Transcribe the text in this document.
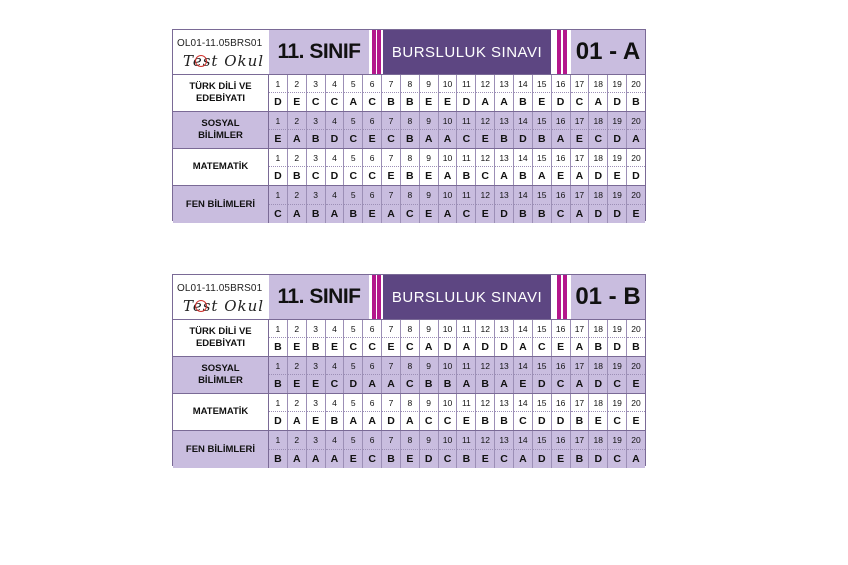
OL01-11.05BRS01
Test Okul 11. SINIF	BURSLULUK SINAVI	01 - A
TÜRK DİLİ VE
EDEBİYATI
1	2	3	4	5	6	7	8	9	10	11	12	13	14	15	16	17	18	19	20
D	E	C	C	A	C	B	B	E	E	D	A	A	B	E	D	C	A	D	B
SOSYAL
BİLİMLER
1	2	3	4	5	6	7	8	9	10	11	12	13	14	15	16	17	18	19	20
E	A	B	D	C	E	C	B	A	A	C	E	B	D	B	A	E	C	D	A
MATEMATİK
1	2	3	4	5	6	7	8	9	10	11	12	13	14	15	16	17	18	19	20
D	B	C	D	C	C	E	B	E	A	B	C	A	B	A	E	A	D	E	D
FEN BİLİMLERİ
1	2	3	4	5	6	7	8	9	10	11	12	13	14	15	16	17	18	19	20
C	A	B	A	B	E	A	C	E	A	C	E	D	B	B	C	A	D	D	E
OL01-11.05BRS01
Test Okul 11. SINIF	BURSLULUK SINAVI	01 - B
TÜRK DİLİ VE
EDEBİYATI
1	2	3	4	5	6	7	8	9	10	11	12	13	14	15	16	17	18	19	20
B	E	B	E	C	C	E	C	A	D	A	D	D	A	C	E	A	B	D	B
SOSYAL
BİLİMLER
1	2	3	4	5	6	7	8	9	10	11	12	13	14	15	16	17	18	19	20
B	E	E	C	D	A	A	C	B	B	A	B	A	E	D	C	A	D	C	E
MATEMATİK
1	2	3	4	5	6	7	8	9	10	11	12	13	14	15	16	17	18	19	20
D	A	E	B	A	A	D	A	C	C	E	B	B	C	D	D	B	E	C	E
FEN BİLİMLERİ
1	2	3	4	5	6	7	8	9	10	11	12	13	14	15	16	17	18	19	20
B	A	A	A	E	C	B	E	D	C	B	E	C	A	D	E	B	D	C	A
